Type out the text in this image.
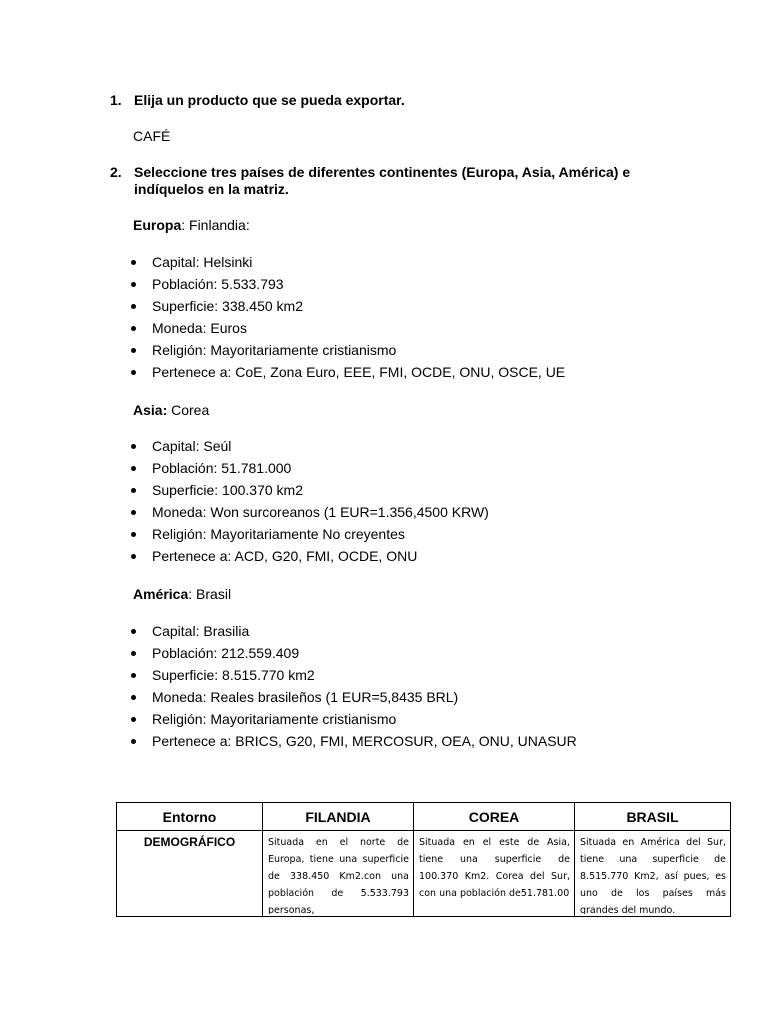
1. Elija un producto que se pueda exportar.
CAFÉ
2. Seleccione tres países de diferentes continentes (Europa, Asia, América) e indíquelos en la matriz.
Europa: Finlandia:
Capital: Helsinki
Población: 5.533.793
Superficie: 338.450 km2
Moneda: Euros
Religión: Mayoritariamente cristianismo
Pertenece a: CoE, Zona Euro, EEE, FMI, OCDE, ONU, OSCE, UE
Asia: Corea
Capital: Seúl
Población: 51.781.000
Superficie: 100.370 km2
Moneda: Won surcoreanos (1 EUR=1.356,4500 KRW)
Religión: Mayoritariamente No creyentes
Pertenece a: ACD, G20, FMI, OCDE, ONU
América: Brasil
Capital: Brasilia
Población: 212.559.409
Superficie: 8.515.770 km2
Moneda: Reales brasileños (1 EUR=5,8435 BRL)
Religión: Mayoritariamente cristianismo
Pertenece a: BRICS, G20, FMI, MERCOSUR, OEA, ONU, UNASUR
Entorno	FILANDIA	COREA	BRASIL
DEMOGRÁFICO	Situada en el norte de Europa, tiene una superficie de 338.450 Km2.con una población de 5.533.793 personas,	Situada en el este de Asia, tiene una superficie de 100.370 Km2. Corea del Sur, con una población de51.781.00	Situada en América del Sur, tiene una superficie de 8.515.770 Km2, así pues, es uno de los países más grandes del mundo.
